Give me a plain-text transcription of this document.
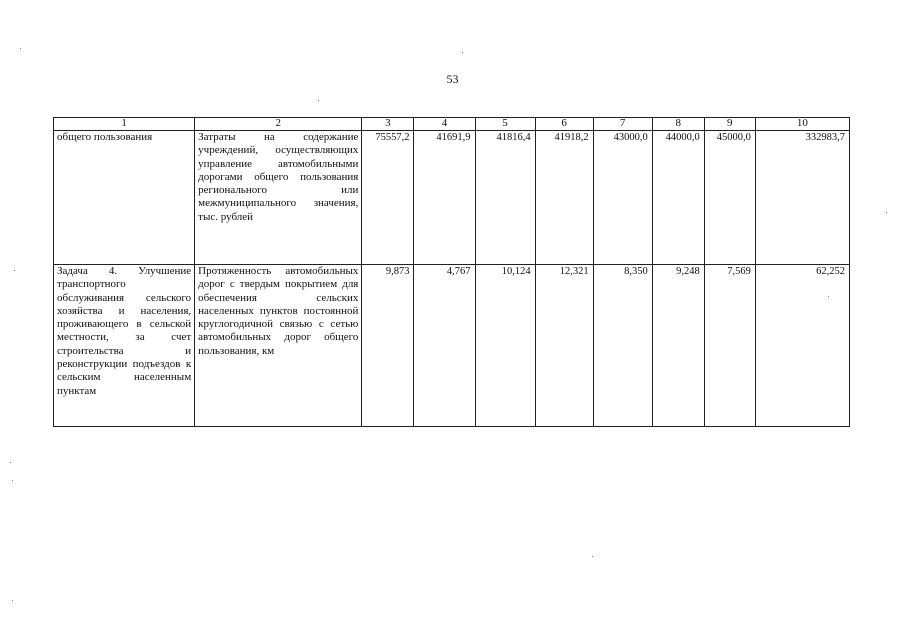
53
1	2	3	4	5	6	7	8	9	10
общего пользования	Затраты на содержание учреждений, осуществляющих управление автомобильными дорогами общего пользования регионального или межмуниципального значения, тыс. рублей	75557,2	41691,9	41816,4	41918,2	43000,0	44000,0	45000,0	332983,7
Задача 4. Улучшение транспортного обслуживания сельского хозяйства и населения, проживающего в сельской местности, за счет строительства и реконструкции подъездов к сельским населенным пунктам	Протяженность автомобильных дорог с твердым покрытием для обеспечения сельских населенных пунктов постоянной круглогодичной связью с сетью автомобильных дорог общего пользования, км	9,873	4,767	10,124	12,321	8,350	9,248	7,569	62,252
